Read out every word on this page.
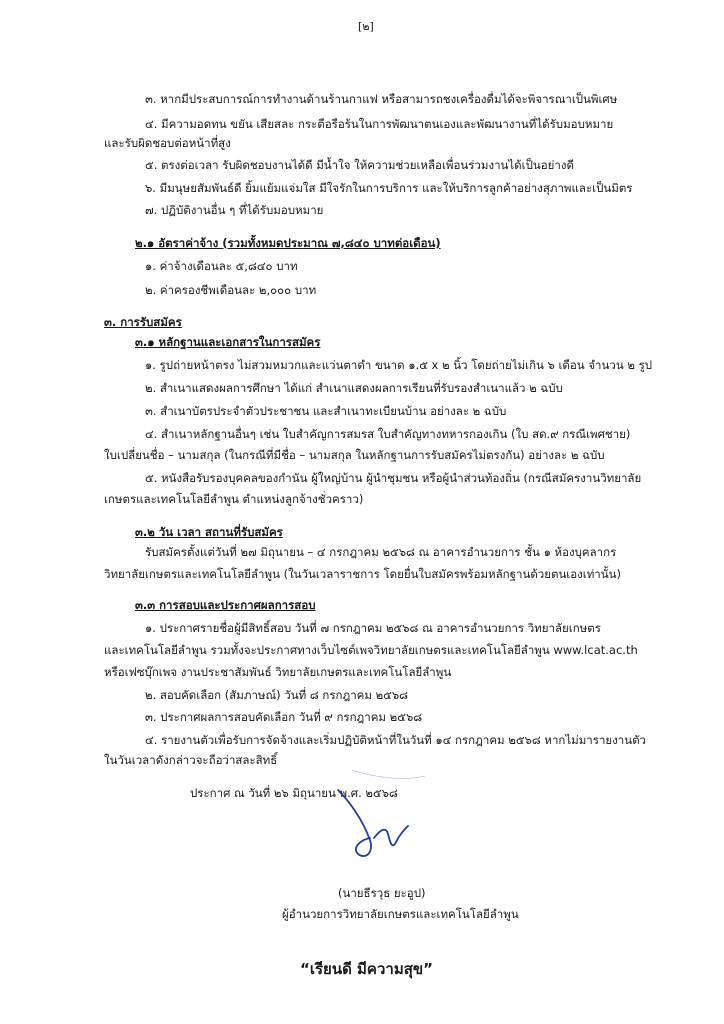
[๒]
๓. หากมีประสบการณ์การทำงานด้านร้านกาแฟ หรือสามารถชงเครื่องดื่มได้จะพิจารณาเป็นพิเศษ
๔. มีความอดทน ขยัน เสียสละ กระตือรือร้นในการพัฒนาตนเองและพัฒนางานที่ได้รับมอบหมาย
และรับผิดชอบต่อหน้าที่สูง
๕. ตรงต่อเวลา รับผิดชอบงานได้ดี มีน้ำใจ ให้ความช่วยเหลือเพื่อนร่วมงานได้เป็นอย่างดี
๖. มีมนุษยสัมพันธ์ดี ยิ้มแย้มแจ่มใส มีใจรักในการบริการ และให้บริการลูกค้าอย่างสุภาพและเป็นมิตร
๗. ปฏิบัติงานอื่น ๆ ที่ได้รับมอบหมาย
๒.๑ อัตราค่าจ้าง (รวมทั้งหมดประมาณ ๗,๘๔๐ บาทต่อเดือน)
๑. ค่าจ้างเดือนละ ๕,๘๔๐ บาท
๒. ค่าครองชีพเดือนละ ๒,๐๐๐ บาท
๓. การรับสมัคร
๓.๑ หลักฐานและเอกสารในการสมัคร
๑. รูปถ่ายหน้าตรง ไม่สวมหมวกและแว่นตาดำ ขนาด ๑.๕ x ๒ นิ้ว โดยถ่ายไม่เกิน ๖ เดือน จำนวน ๒ รูป
๒. สำเนาแสดงผลการศึกษา ได้แก่ สำเนาแสดงผลการเรียนที่รับรองสำเนาแล้ว ๒ ฉบับ
๓. สำเนาบัตรประจำตัวประชาชน และสำเนาทะเบียนบ้าน อย่างละ ๒ ฉบับ
๔. สำเนาหลักฐานอื่นๆ เช่น ใบสำคัญการสมรส ใบสำคัญทางทหารกองเกิน (ใบ สด.๙ กรณีเพศชาย)
ใบเปลี่ยนชื่อ – นามสกุล (ในกรณีที่มีชื่อ – นามสกุล ในหลักฐานการรับสมัครไม่ตรงกัน) อย่างละ ๒ ฉบับ
๕. หนังสือรับรองบุคคลของกำนัน ผู้ใหญ่บ้าน ผู้นำชุมชน หรือผู้นำส่วนท้องถิ่น (กรณีสมัครงานวิทยาลัย
เกษตรและเทคโนโลยีลำพูน ตำแหน่งลูกจ้างชั่วคราว)
๓.๒ วัน เวลา สถานที่รับสมัคร
รับสมัครตั้งแต่วันที่ ๒๗ มิถุนายน – ๔ กรกฎาคม ๒๕๖๘ ณ อาคารอำนวยการ ชั้น ๑ ห้องบุคลากร
วิทยาลัยเกษตรและเทคโนโลยีลำพูน (ในวันเวลาราชการ โดยยื่นใบสมัครพร้อมหลักฐานด้วยตนเองเท่านั้น)
๓.๓ การสอบและประกาศผลการสอบ
๑. ประกาศรายชื่อผู้มีสิทธิ์สอบ วันที่ ๗ กรกฎาคม ๒๕๖๘ ณ อาคารอำนวยการ วิทยาลัยเกษตร
และเทคโนโลยีลำพูน รวมทั้งจะประกาศทางเว็บไซต์เพจวิทยาลัยเกษตรและเทคโนโลยีลำพูน www.lcat.ac.th
หรือเฟซบุ๊กเพจ งานประชาสัมพันธ์ วิทยาลัยเกษตรและเทคโนโลยีลำพูน
๒. สอบคัดเลือก (สัมภาษณ์) วันที่ ๘ กรกฎาคม ๒๕๖๘
๓. ประกาศผลการสอบคัดเลือก วันที่ ๙ กรกฎาคม ๒๕๖๘
๔. รายงานตัวเพื่อรับการจัดจ้างและเริ่มปฏิบัติหน้าที่ในวันที่ ๑๔ กรกฎาคม ๒๕๖๘ หากไม่มารายงานตัว
ในวันเวลาดังกล่าวจะถือว่าสละสิทธิ์
ประกาศ ณ วันที่ ๒๖ มิถุนายน พ.ศ. ๒๕๖๘
(นายธีรวุธ ยะอูป)
ผู้อำนวยการวิทยาลัยเกษตรและเทคโนโลยีลำพูน
“เรียนดี มีความสุข”
